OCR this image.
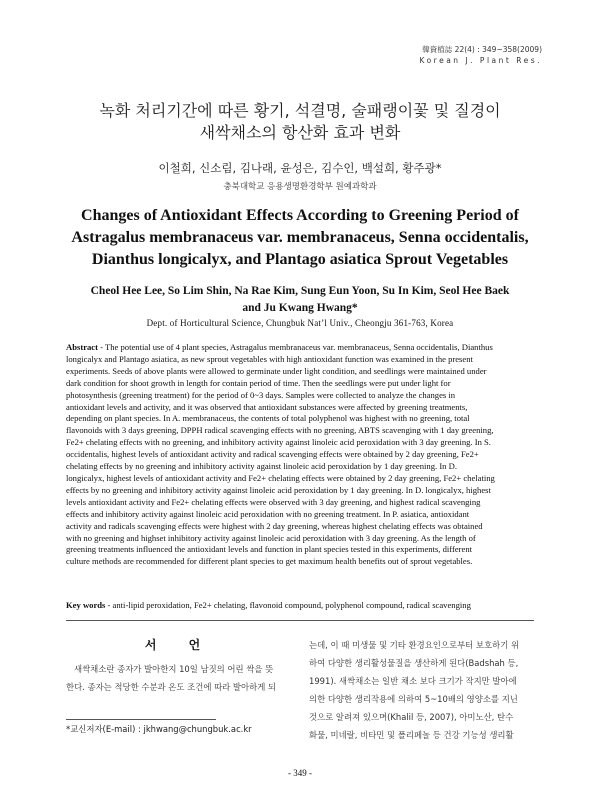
韓資植誌 22(4) : 349~358(2009)
Korean J. Plant Res.
녹화 처리기간에 따른 황기, 석결명, 술패랭이꽃 및 질경이
새싹채소의 항산화 효과 변화
이철희, 신소림, 김나래, 윤성은, 김수인, 백설희, 황주광*
충북대학교 응용생명환경학부 원예과학과
Changes of Antioxidant Effects According to Greening Period of
Astragalus membranaceus var. membranaceus, Senna occidentalis,
Dianthus longicalyx, and Plantago asiatica Sprout Vegetables
Cheol Hee Lee, So Lim Shin, Na Rae Kim, Sung Eun Yoon, Su In Kim, Seol Hee Baek
and Ju Kwang Hwang*
Dept. of Horticultural Science, Chungbuk Nat’l Univ., Cheongju 361-763, Korea
Abstract - The potential use of 4 plant species, Astragalus membranaceus var. membranaceus, Senna occidentalis, Dianthus
longicalyx and Plantago asiatica, as new sprout vegetables with high antioxidant function was examined in the present
experiments. Seeds of above plants were allowed to germinate under light condition, and seedlings were maintained under
dark condition for shoot growth in length for contain period of time. Then the seedlings were put under light for
photosynthesis (greening treatment) for the period of 0~3 days. Samples were collected to analyze the changes in
antioxidant levels and activity, and it was observed that antioxidant substances were affected by greening treatments,
depending on plant species. In A. membranaceus, the contents of total polyphenol was highest with no greening, total
flavonoids with 3 days greening, DPPH radical scavenging effects with no greening, ABTS scavenging with 1 day greening,
Fe2+ chelating effects with no greening, and inhibitory activity against linoleic acid peroxidation with 3 day greening. In S.
occidentalis, highest levels of antioxidant activity and radical scavenging effects were obtained by 2 day greening, Fe2+
chelating effects by no greening and inhibitory activity against linoleic acid peroxidation by 1 day greening. In D.
longicalyx, highest levels of antioxidant activity and Fe2+ chelating effects were obtained by 2 day greening, Fe2+ chelating
effects by no greening and inhibitory activity against linoleic acid peroxidation by 1 day greening. In D. longicalyx, highest
levels antioxidant activity and Fe2+ chelating effects were observed with 3 day greening, and highest radical scavenging
effects and inhibitory activity against linoleic acid peroxidation with no greening treatment. In P. asiatica, antioxidant
activity and radicals scavenging effects were highest with 2 day greening, whereas highest chelating effects was obtained
with no greening and highset inhibitory activity against linoleic acid peroxidation with 3 day greening. As the length of
greening treatments influenced the antioxidant levels and function in plant species tested in this experiments, different
culture methods are recommended for different plant species to get maximum health benefits out of sprout vegetables.
Key words - anti-lipid peroxidation, Fe2+ chelating, flavonoid compound, polyphenol compound, radical scavenging
서 언
새싹채소란 종자가 발아한지 10일 남짓의 어린 싹을 뜻
한다. 종자는 적당한 수분과 온도 조건에 따라 발아하게 되
*교신저자(E-mail) : jkhwang@chungbuk.ac.kr
는데, 이 때 미생물 및 기타 환경요인으로부터 보호하기 위
하여 다양한 생리활성물질을 생산하게 된다(Badshah 등,
1991). 새싹채소는 일반 채소 보다 크기가 작지만 발아에
의한 다양한 생리작용에 의하여 5~10배의 영양소를 지닌
것으로 알려져 있으며(Khalil 등, 2007), 아미노산, 탄수
화물, 미네랄, 비타민 및 폴리페놀 등 건강 기능성 생리활
- 349 -
